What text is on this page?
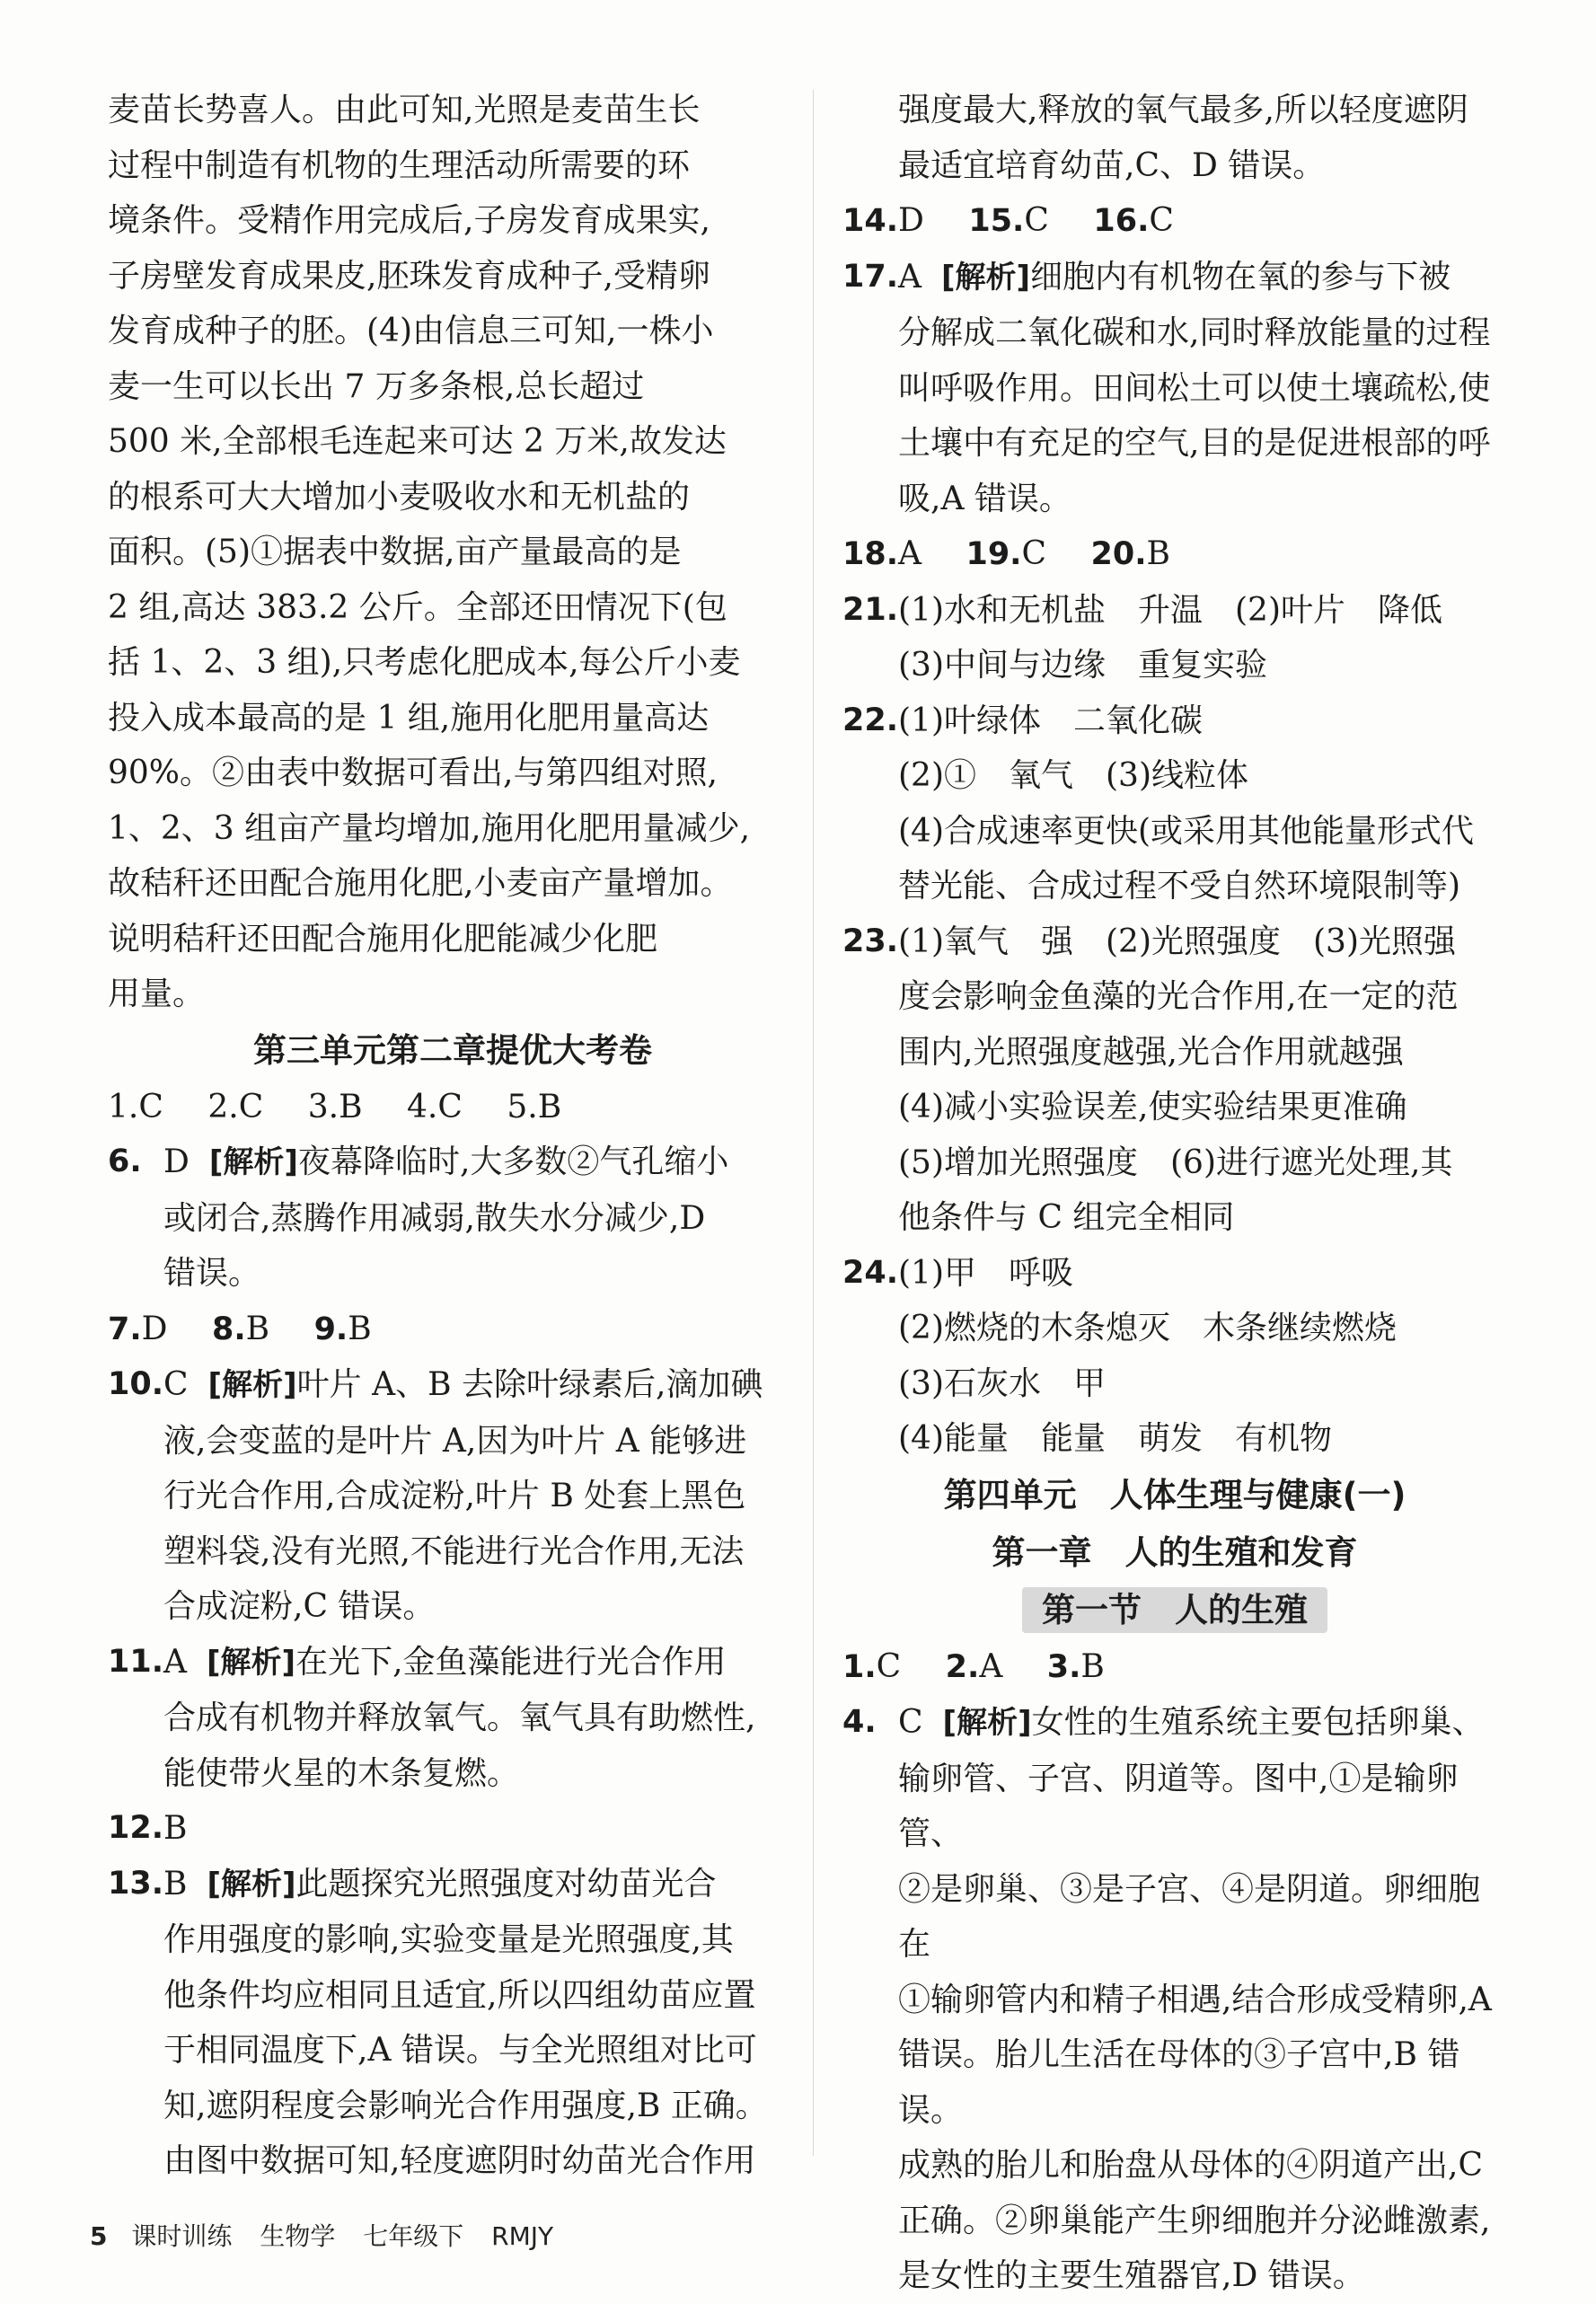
麦苗长势喜人。由此可知,光照是麦苗生长

过程中制造有机物的生理活动所需要的环

境条件。受精作用完成后,子房发育成果实,

子房壁发育成果皮,胚珠发育成种子,受精卵

发育成种子的胚。(4)由信息三可知,一株小

麦一生可以长出 7 万多条根,总长超过

500 米,全部根毛连起来可达 2 万米,故发达

的根系可大大增加小麦吸收水和无机盐的

面积。(5)①据表中数据,亩产量最高的是

2 组,高达 383.2 公斤。全部还田情况下(包

括 1、2、3 组),只考虑化肥成本,每公斤小麦

投入成本最高的是 1 组,施用化肥用量高达

90%。②由表中数据可看出,与第四组对照,

1、2、3 组亩产量均增加,施用化肥用量减少,

故秸秆还田配合施用化肥,小麦亩产量增加。

说明秸秆还田配合施用化肥能减少化肥

用量。

第三单元第二章提优大考卷

1.C 2.C 3.B 4.C 5.B

6. D [解析]夜幕降临时,大多数②气孔缩小

或闭合,蒸腾作用减弱,散失水分减少,D

错误。

7.D 8.B 9.B

10. C [解析]叶片 A、B 去除叶绿素后,滴加碘

液,会变蓝的是叶片 A,因为叶片 A 能够进

行光合作用,合成淀粉,叶片 B 处套上黑色

塑料袋,没有光照,不能进行光合作用,无法

合成淀粉,C 错误。

11. A [解析]在光下,金鱼藻能进行光合作用

合成有机物并释放氧气。氧气具有助燃性,

能使带火星的木条复燃。

12. B

13. B [解析]此题探究光照强度对幼苗光合

作用强度的影响,实验变量是光照强度,其

他条件均应相同且适宜,所以四组幼苗应置

于相同温度下,A 错误。与全光照组对比可

知,遮阴程度会影响光合作用强度,B 正确。

由图中数据可知,轻度遮阴时幼苗光合作用

强度最大,释放的氧气最多,所以轻度遮阴

最适宜培育幼苗,C、D 错误。

14.D 15.C 16.C

17. A [解析]细胞内有机物在氧的参与下被

分解成二氧化碳和水,同时释放能量的过程

叫呼吸作用。田间松土可以使土壤疏松,使

土壤中有充足的空气,目的是促进根部的呼

吸,A 错误。

18.A 19.C 20.B

21. (1)水和无机盐　升温　(2)叶片　降低

(3)中间与边缘　重复实验

22. (1)叶绿体　二氧化碳

(2)①　氧气　(3)线粒体

(4)合成速率更快(或采用其他能量形式代

替光能、合成过程不受自然环境限制等)

23. (1)氧气　强　(2)光照强度　(3)光照强

度会影响金鱼藻的光合作用,在一定的范

围内,光照强度越强,光合作用就越强

(4)减小实验误差,使实验结果更准确

(5)增加光照强度　(6)进行遮光处理,其

他条件与 C 组完全相同

24. (1)甲　呼吸

(2)燃烧的木条熄灭　木条继续燃烧

(3)石灰水　甲

(4)能量　能量　萌发　有机物

第四单元　人体生理与健康(一)

第一章　人的生殖和发育

第一节　人的生殖

1.C 2.A 3.B

4. C [解析]女性的生殖系统主要包括卵巢、

输卵管、子宫、阴道等。图中,①是输卵管、

②是卵巢、③是子宫、④是阴道。卵细胞在

①输卵管内和精子相遇,结合形成受精卵,A

错误。胎儿生活在母体的③子宫中,B 错误。

成熟的胎儿和胎盘从母体的④阴道产出,C

正确。②卵巢能产生卵细胞并分泌雌激素,

是女性的主要生殖器官,D 错误。

5 课时训练 生物学 七年级下 RMJY
